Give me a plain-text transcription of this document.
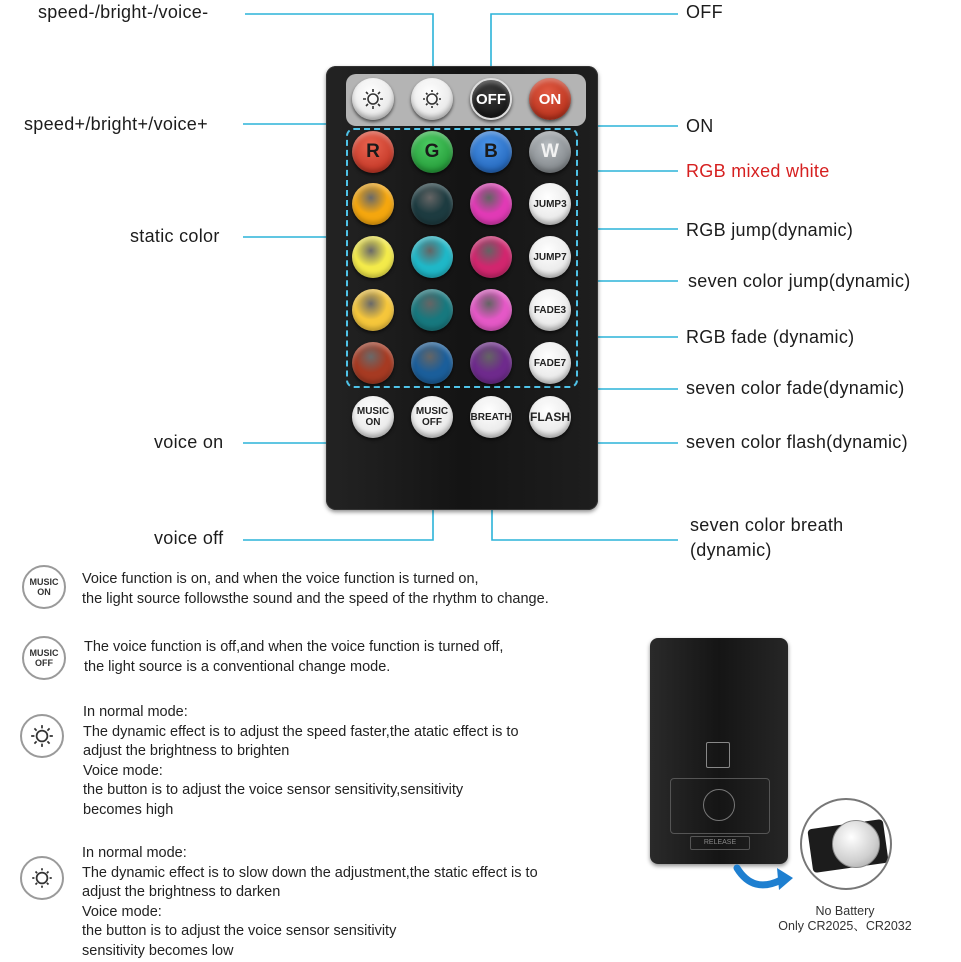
speed-/bright-/voice-
speed+/bright+/voice+
static color
voice on
voice off
OFF
ON
RGB mixed white
RGB jump(dynamic)
seven color jump(dynamic)
RGB fade (dynamic)
seven color fade(dynamic)
seven color flash(dynamic)
seven color breath
(dynamic)
OFF	ON
R	G	B	W
JUMP3
JUMP7
FADE3
FADE7
MUSIC
ON
MUSIC
OFF	BREATH FLASH
MUSIC
ON
Voice function is on, and when the voice function is turned on,
the light source followsthe sound and the speed of the rhythm to change.
MUSIC
OFF
The voice function is off,and when the voice function is turned off,
the light source is a conventional change mode.
In normal mode:
The dynamic effect is to adjust the speed faster,the atatic effect is to
adjust the brightness to brighten
Voice mode:
the button is to adjust the voice sensor sensitivity,sensitivity
becomes high
In normal mode:
The dynamic effect is to slow down the adjustment,the static effect is to
adjust the brightness to darken
Voice mode:
the button is to adjust the voice sensor sensitivity
sensitivity becomes low
RELEASE
No Battery
Only CR2025、CR2032
